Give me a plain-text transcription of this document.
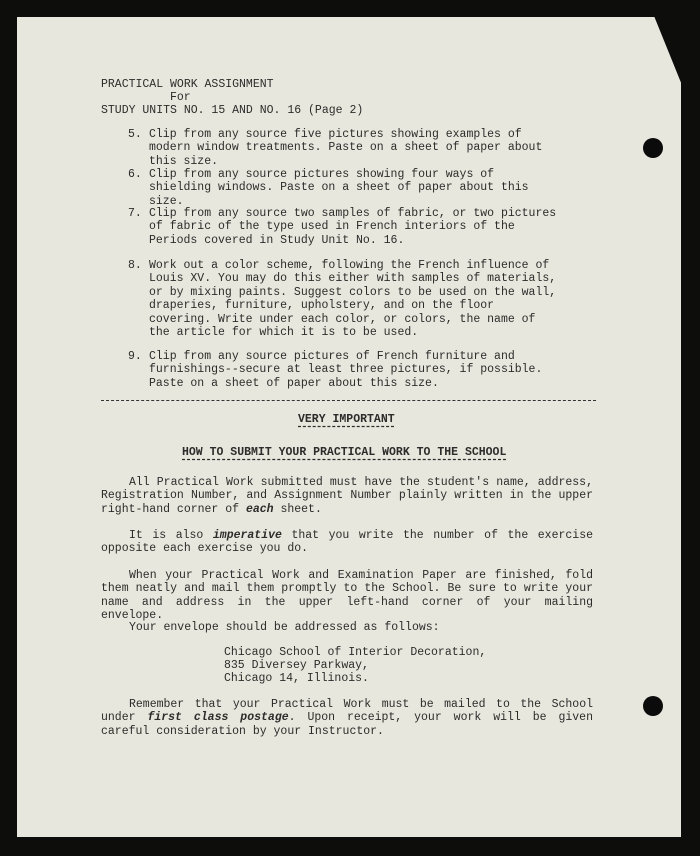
PRACTICAL WORK ASSIGNMENT
For
STUDY UNITS NO. 15 AND NO. 16 (Page 2)
5. Clip from any source five pictures showing examples of modern window treatments. Paste on a sheet of paper about this size.
6. Clip from any source pictures showing four ways of shielding windows. Paste on a sheet of paper about this size.
7. Clip from any source two samples of fabric, or two pictures of fabric of the type used in French interiors of the Periods covered in Study Unit No. 16.
8. Work out a color scheme, following the French influence of Louis XV. You may do this either with samples of materials, or by mixing paints. Suggest colors to be used on the wall, draperies, furniture, upholstery, and on the floor covering. Write under each color, or colors, the name of the article for which it is to be used.
9. Clip from any source pictures of French furniture and furnishings--secure at least three pictures, if possible. Paste on a sheet of paper about this size.
VERY IMPORTANT
HOW TO SUBMIT YOUR PRACTICAL WORK TO THE SCHOOL
All Practical Work submitted must have the student's name, address, Registration Number, and Assignment Number plainly written in the upper right-hand corner of each sheet.
It is also imperative that you write the number of the exercise opposite each exercise you do.
When your Practical Work and Examination Paper are finished, fold them neatly and mail them promptly to the School. Be sure to write your name and address in the upper left-hand corner of your mailing envelope.
Your envelope should be addressed as follows:
Chicago School of Interior Decoration,
835 Diversey Parkway,
Chicago 14, Illinois.
Remember that your Practical Work must be mailed to the School under first class postage. Upon receipt, your work will be given careful consideration by your Instructor.
